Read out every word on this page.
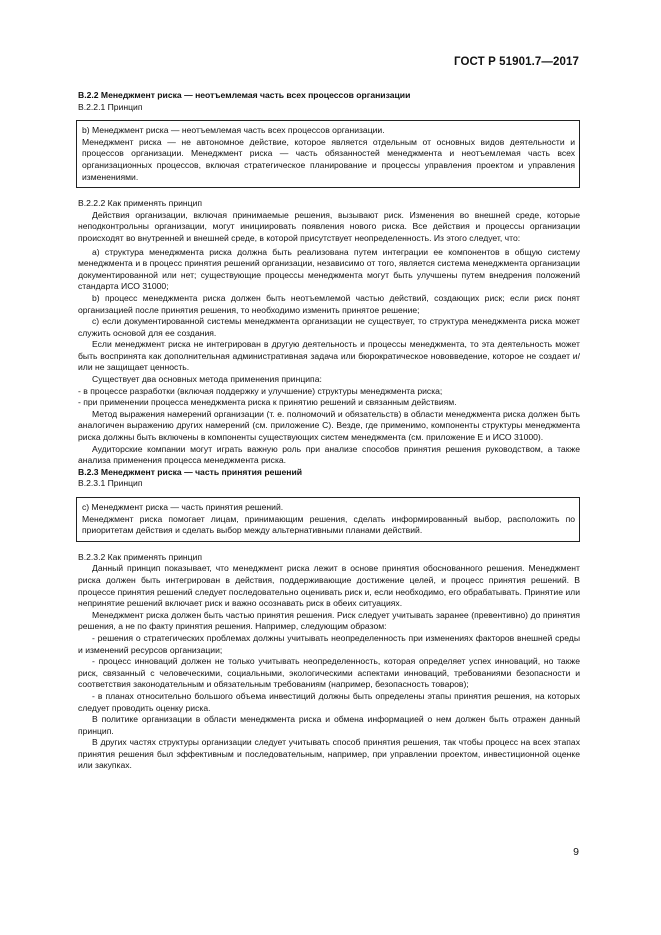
ГОСТ Р 51901.7—2017

В.2.2 Менеджмент риска — неотъемлемая часть всех процессов организации

В.2.2.1 Принцип

b) Менеджмент риска — неотъемлемая часть всех процессов организации.

Менеджмент риска — не автономное действие, которое является отдельным от основных видов деятельности и процессов организации. Менеджмент риска — часть обязанностей менеджмента и неотъемлемая часть всех организационных процессов, включая стратегическое планирование и процессы управления проектом и управления изменениями.

В.2.2.2 Как применять принцип

Действия организации, включая принимаемые решения, вызывают риск. Изменения во внешней среде, которые неподконтрольны организации, могут инициировать появления нового риска. Все действия и процессы организации происходят во внутренней и внешней среде, в которой присутствует неопределенность. Из этого следует, что:

а) структура менеджмента риска должна быть реализована путем интеграции ее компонентов в общую систему менеджмента и в процесс принятия решений организации, независимо от того, является система менеджмента организации документированной или нет; существующие процессы менеджмента могут быть улучшены путем внедрения положений стандарта ИСО 31000;

b) процесс менеджмента риска должен быть неотъемлемой частью действий, создающих риск; если риск понят организацией после принятия решения, то необходимо изменить принятое решение;

c) если документированной системы менеджмента организации не существует, то структура менеджмента риска может служить основой для ее создания.

Если менеджмент риска не интегрирован в другую деятельность и процессы менеджмента, то эта деятельность может быть воспринята как дополнительная административная задача или бюрократическое нововведение, которое не создает и/или не защищает ценность.

Существует два основных метода применения принципа:

- в процессе разработки (включая поддержку и улучшение) структуры менеджмента риска;

- при применении процесса менеджмента риска к принятию решений и связанным действиям.

Метод выражения намерений организации (т. е. полномочий и обязательств) в области менеджмента риска должен быть аналогичен выражению других намерений (см. приложение С). Везде, где применимо, компоненты структуры менеджмента риска должны быть включены в компоненты существующих систем менеджмента (см. приложение Е и ИСО 31000).

Аудиторские компании могут играть важную роль при анализе способов принятия решения руководством, а также анализа применения процесса менеджмента риска.

В.2.3 Менеджмент риска — часть принятия решений

В.2.3.1 Принцип

c) Менеджмент риска — часть принятия решений.

Менеджмент риска помогает лицам, принимающим решения, сделать информированный выбор, расположить по приоритетам действия и сделать выбор между альтернативными планами действий.

В.2.3.2 Как применять принцип

Данный принцип показывает, что менеджмент риска лежит в основе принятия обоснованного решения. Менеджмент риска должен быть интегрирован в действия, поддерживающие достижение целей, и процесс принятия решений. В процессе принятия решений следует последовательно оценивать риск и, если необходимо, его обрабатывать. Принятие или непринятие решений включает риск и важно осознавать риск в обеих ситуациях.

Менеджмент риска должен быть частью принятия решения. Риск следует учитывать заранее (превентивно) до принятия решения, а не по факту принятия решения. Например, следующим образом:

- решения о стратегических проблемах должны учитывать неопределенность при изменениях факторов внешней среды и изменений ресурсов организации;

- процесс инноваций должен не только учитывать неопределенность, которая определяет успех инноваций, но также риск, связанный с человеческими, социальными, экологическими аспектами инноваций, требованиями безопасности и соответствия законодательным и обязательным требованиям (например, безопасность товаров);

- в планах относительно большого объема инвестиций должны быть определены этапы принятия решения, на которых следует проводить оценку риска.

В политике организации в области менеджмента риска и обмена информацией о нем должен быть отражен данный принцип.

В других частях структуры организации следует учитывать способ принятия решения, так чтобы процесс на всех этапах принятия решения был эффективным и последовательным, например, при управлении проектом, инвестиционной оценке или закупках.

9
